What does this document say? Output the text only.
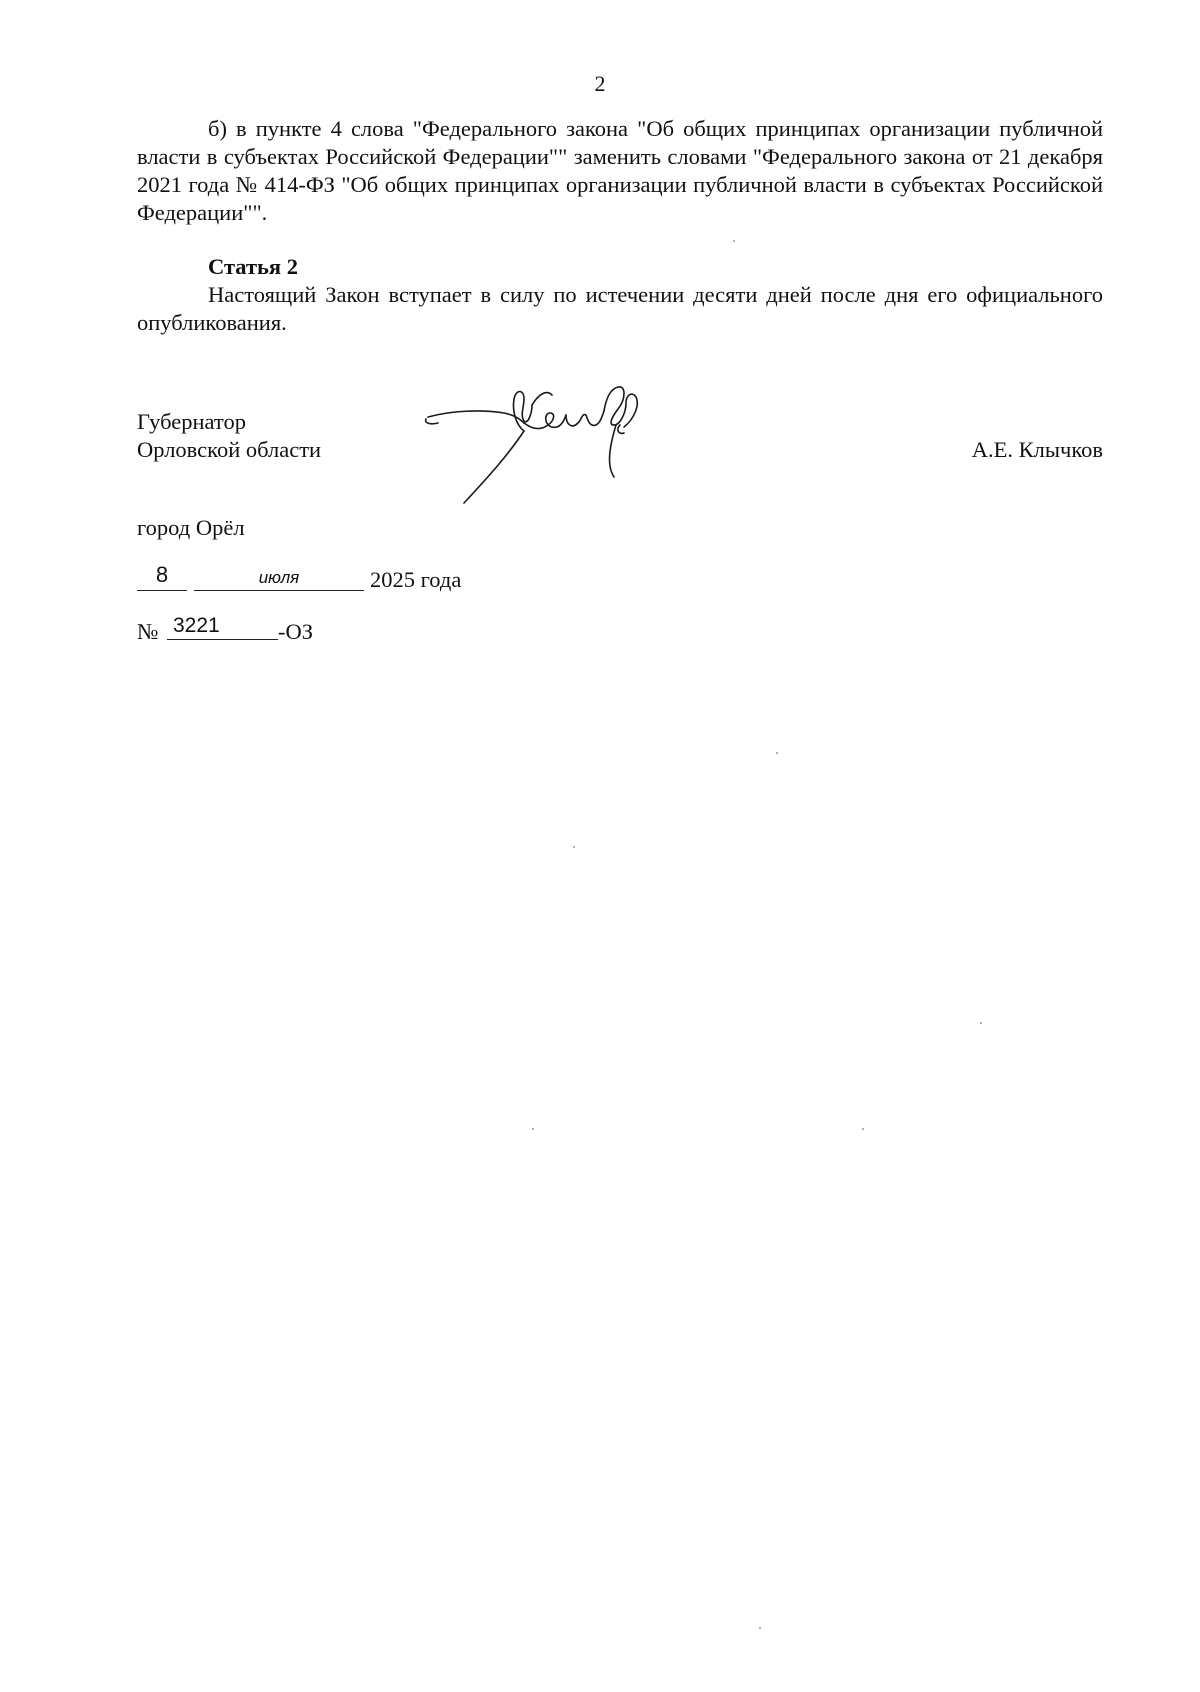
2

б) в пункте 4 слова "Федерального закона "Об общих принципах организации публичной власти в субъектах Российской Федерации"" заменить словами "Федерального закона от 21 декабря 2021 года № 414-ФЗ "Об общих принципах организации публичной власти в субъектах Российской Федерации"".

Статья 2

Настоящий Закон вступает в силу по истечении десяти дней после дня его официального опубликования.

Губернатор
Орловской области	А.Е. Клычков
город Орёл
8	июля	2025 года
№ 3221	-ОЗ
